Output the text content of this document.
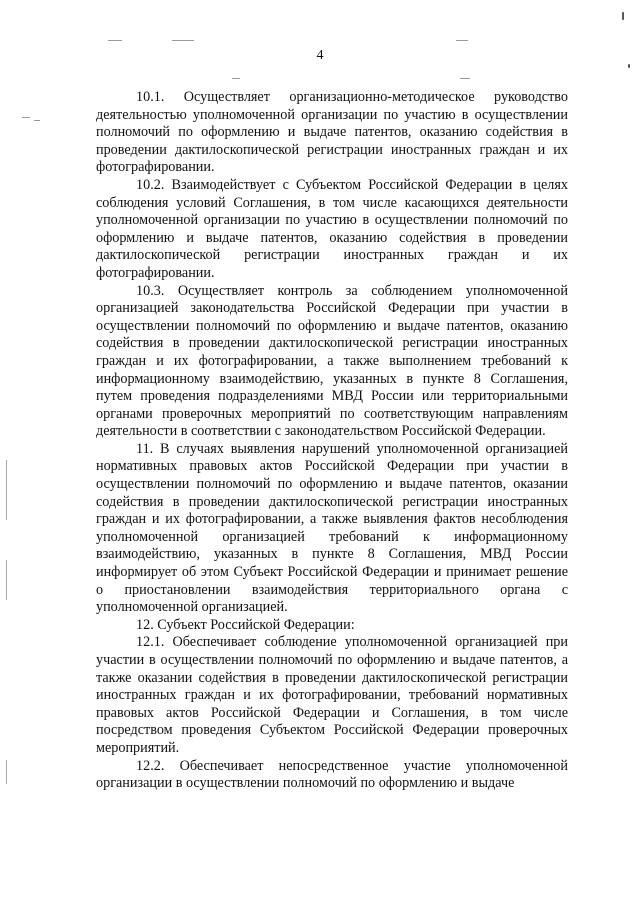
4

10.1. Осуществляет организационно-методическое руководство деятельностью уполномоченной организации по участию в осуществлении полномочий по оформлению и выдаче патентов, оказанию содействия в проведении дактилоскопической регистрации иностранных граждан и их фотографировании.

10.2. Взаимодействует с Субъектом Российской Федерации в целях соблюдения условий Соглашения, в том числе касающихся деятельности уполномоченной организации по участию в осуществлении полномочий по оформлению и выдаче патентов, оказанию содействия в проведении дактилоскопической регистрации иностранных граждан и их фотографировании.

10.3. Осуществляет контроль за соблюдением уполномоченной организацией законодательства Российской Федерации при участии в осуществлении полномочий по оформлению и выдаче патентов, оказанию содействия в проведении дактилоскопической регистрации иностранных граждан и их фотографировании, а также выполнением требований к информационному взаимодействию, указанных в пункте 8 Соглашения, путем проведения подразделениями МВД России или территориальными органами проверочных мероприятий по соответствующим направлениям деятельности в соответствии с законодательством Российской Федерации.

11. В случаях выявления нарушений уполномоченной организацией нормативных правовых актов Российской Федерации при участии в осуществлении полномочий по оформлению и выдаче патентов, оказании содействия в проведении дактилоскопической регистрации иностранных граждан и их фотографировании, а также выявления фактов несоблюдения уполномоченной организацией требований к информационному взаимодействию, указанных в пункте 8 Соглашения, МВД России информирует об этом Субъект Российской Федерации и принимает решение о приостановлении взаимодействия территориального органа с уполномоченной организацией.

12. Субъект Российской Федерации:

12.1. Обеспечивает соблюдение уполномоченной организацией при участии в осуществлении полномочий по оформлению и выдаче патентов, а также оказании содействия в проведении дактилоскопической регистрации иностранных граждан и их фотографировании, требований нормативных правовых актов Российской Федерации и Соглашения, в том числе посредством проведения Субъектом Российской Федерации проверочных мероприятий.

12.2. Обеспечивает непосредственное участие уполномоченной организации в осуществлении полномочий по оформлению и выдаче
